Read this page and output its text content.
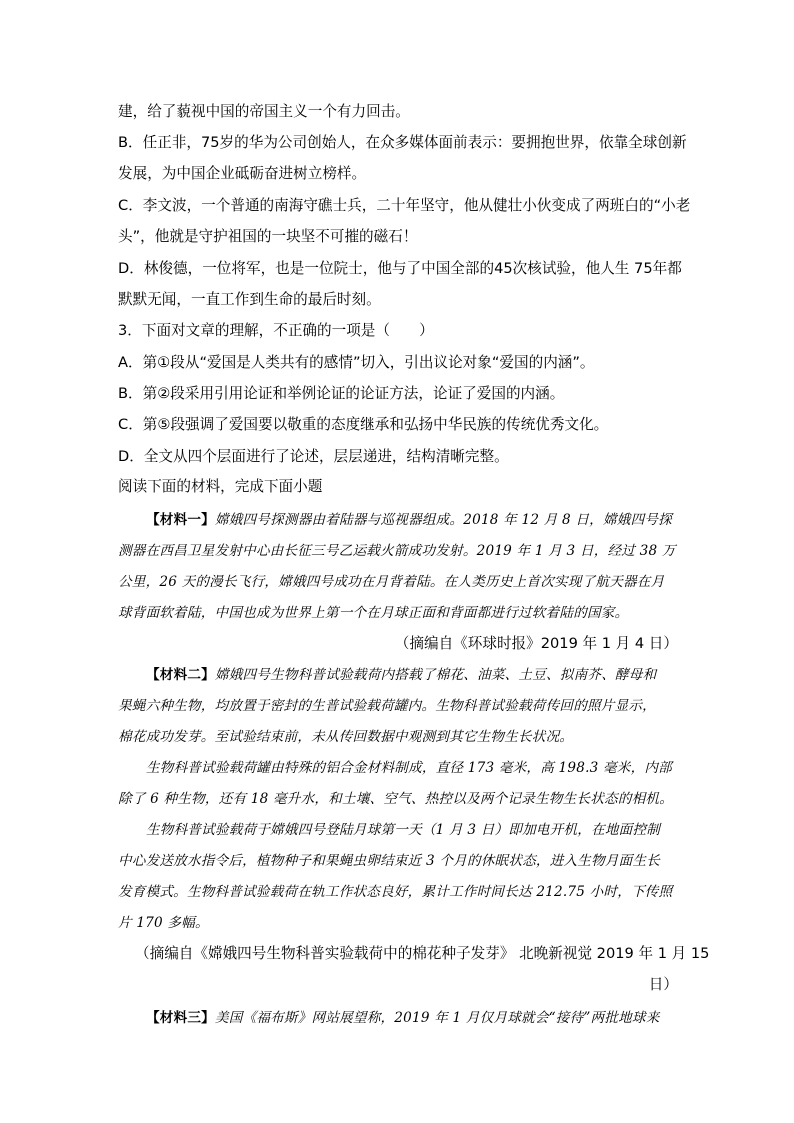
建，给了藐视中国的帝国主义一个有力回击。
B．任正非，75岁的华为公司创始人，在众多媒体面前表示：要拥抱世界，依靠全球创新
发展，为中国企业砥砺奋进树立榜样。
C．李文波，一个普通的南海守礁士兵，二十年坚守，他从健壮小伙变成了两班白的“小老
头”，他就是守护祖国的一块坚不可摧的磁石！
D．林俊德，一位将军，也是一位院士，他与了中国全部的45次核试验，他人生 75年都
默默无闻，一直工作到生命的最后时刻。
3．下面对文章的理解，不正确的一项是（　　）
A．第①段从“爱国是人类共有的感情”切入，引出议论对象“爱国的内涵”。
B．第②段采用引用论证和举例论证的论证方法，论证了爱国的内涵。
C．第⑤段强调了爱国要以敬重的态度继承和弘扬中华民族的传统优秀文化。
D．全文从四个层面进行了论述，层层递进，结构清晰完整。
阅读下面的材料，完成下面小题
【材料一】嫦娥四号探测器由着陆器与巡视器组成。2018 年 12 月 8 日，嫦娥四号探
测器在西昌卫星发射中心由长征三号乙运载火箭成功发射。2019 年 1 月 3 日，经过 38 万
公里，26 天的漫长飞行，嫦娥四号成功在月背着陆。在人类历史上首次实现了航天器在月
球背面软着陆，中国也成为世界上第一个在月球正面和背面都进行过软着陆的国家。
（摘编自《环球时报》2019 年 1 月 4 日）
【材料二】嫦娥四号生物科普试验载荷内搭载了棉花、油菜、土豆、拟南芥、酵母和
果蝇六种生物，均放置于密封的生普试验载荷罐内。生物科普试验载荷传回的照片显示，
棉花成功发芽。至试验结束前，未从传回数据中观测到其它生物生长状况。
生物科普试验载荷罐由特殊的铝合金材料制成，直径 173 毫米，高 198.3 毫米，内部
除了 6 种生物，还有 18 毫升水，和土壤、空气、热控以及两个记录生物生长状态的相机。
生物科普试验载荷于嫦娥四号登陆月球第一天（1 月 3 日）即加电开机，在地面控制
中心发送放水指令后，植物种子和果蝇虫卵结束近 3 个月的休眠状态，进入生物月面生长
发育模式。生物科普试验载荷在轨工作状态良好，累计工作时间长达 212.75 小时，下传照
片 170 多幅。
（摘编自《嫦娥四号生物科普实验载荷中的棉花种子发芽》 北晚新视觉 2019 年 1 月 15
日）
【材料三】美国《福布斯》网站展望称，2019 年 1 月仅月球就会“接待”两批地球来
